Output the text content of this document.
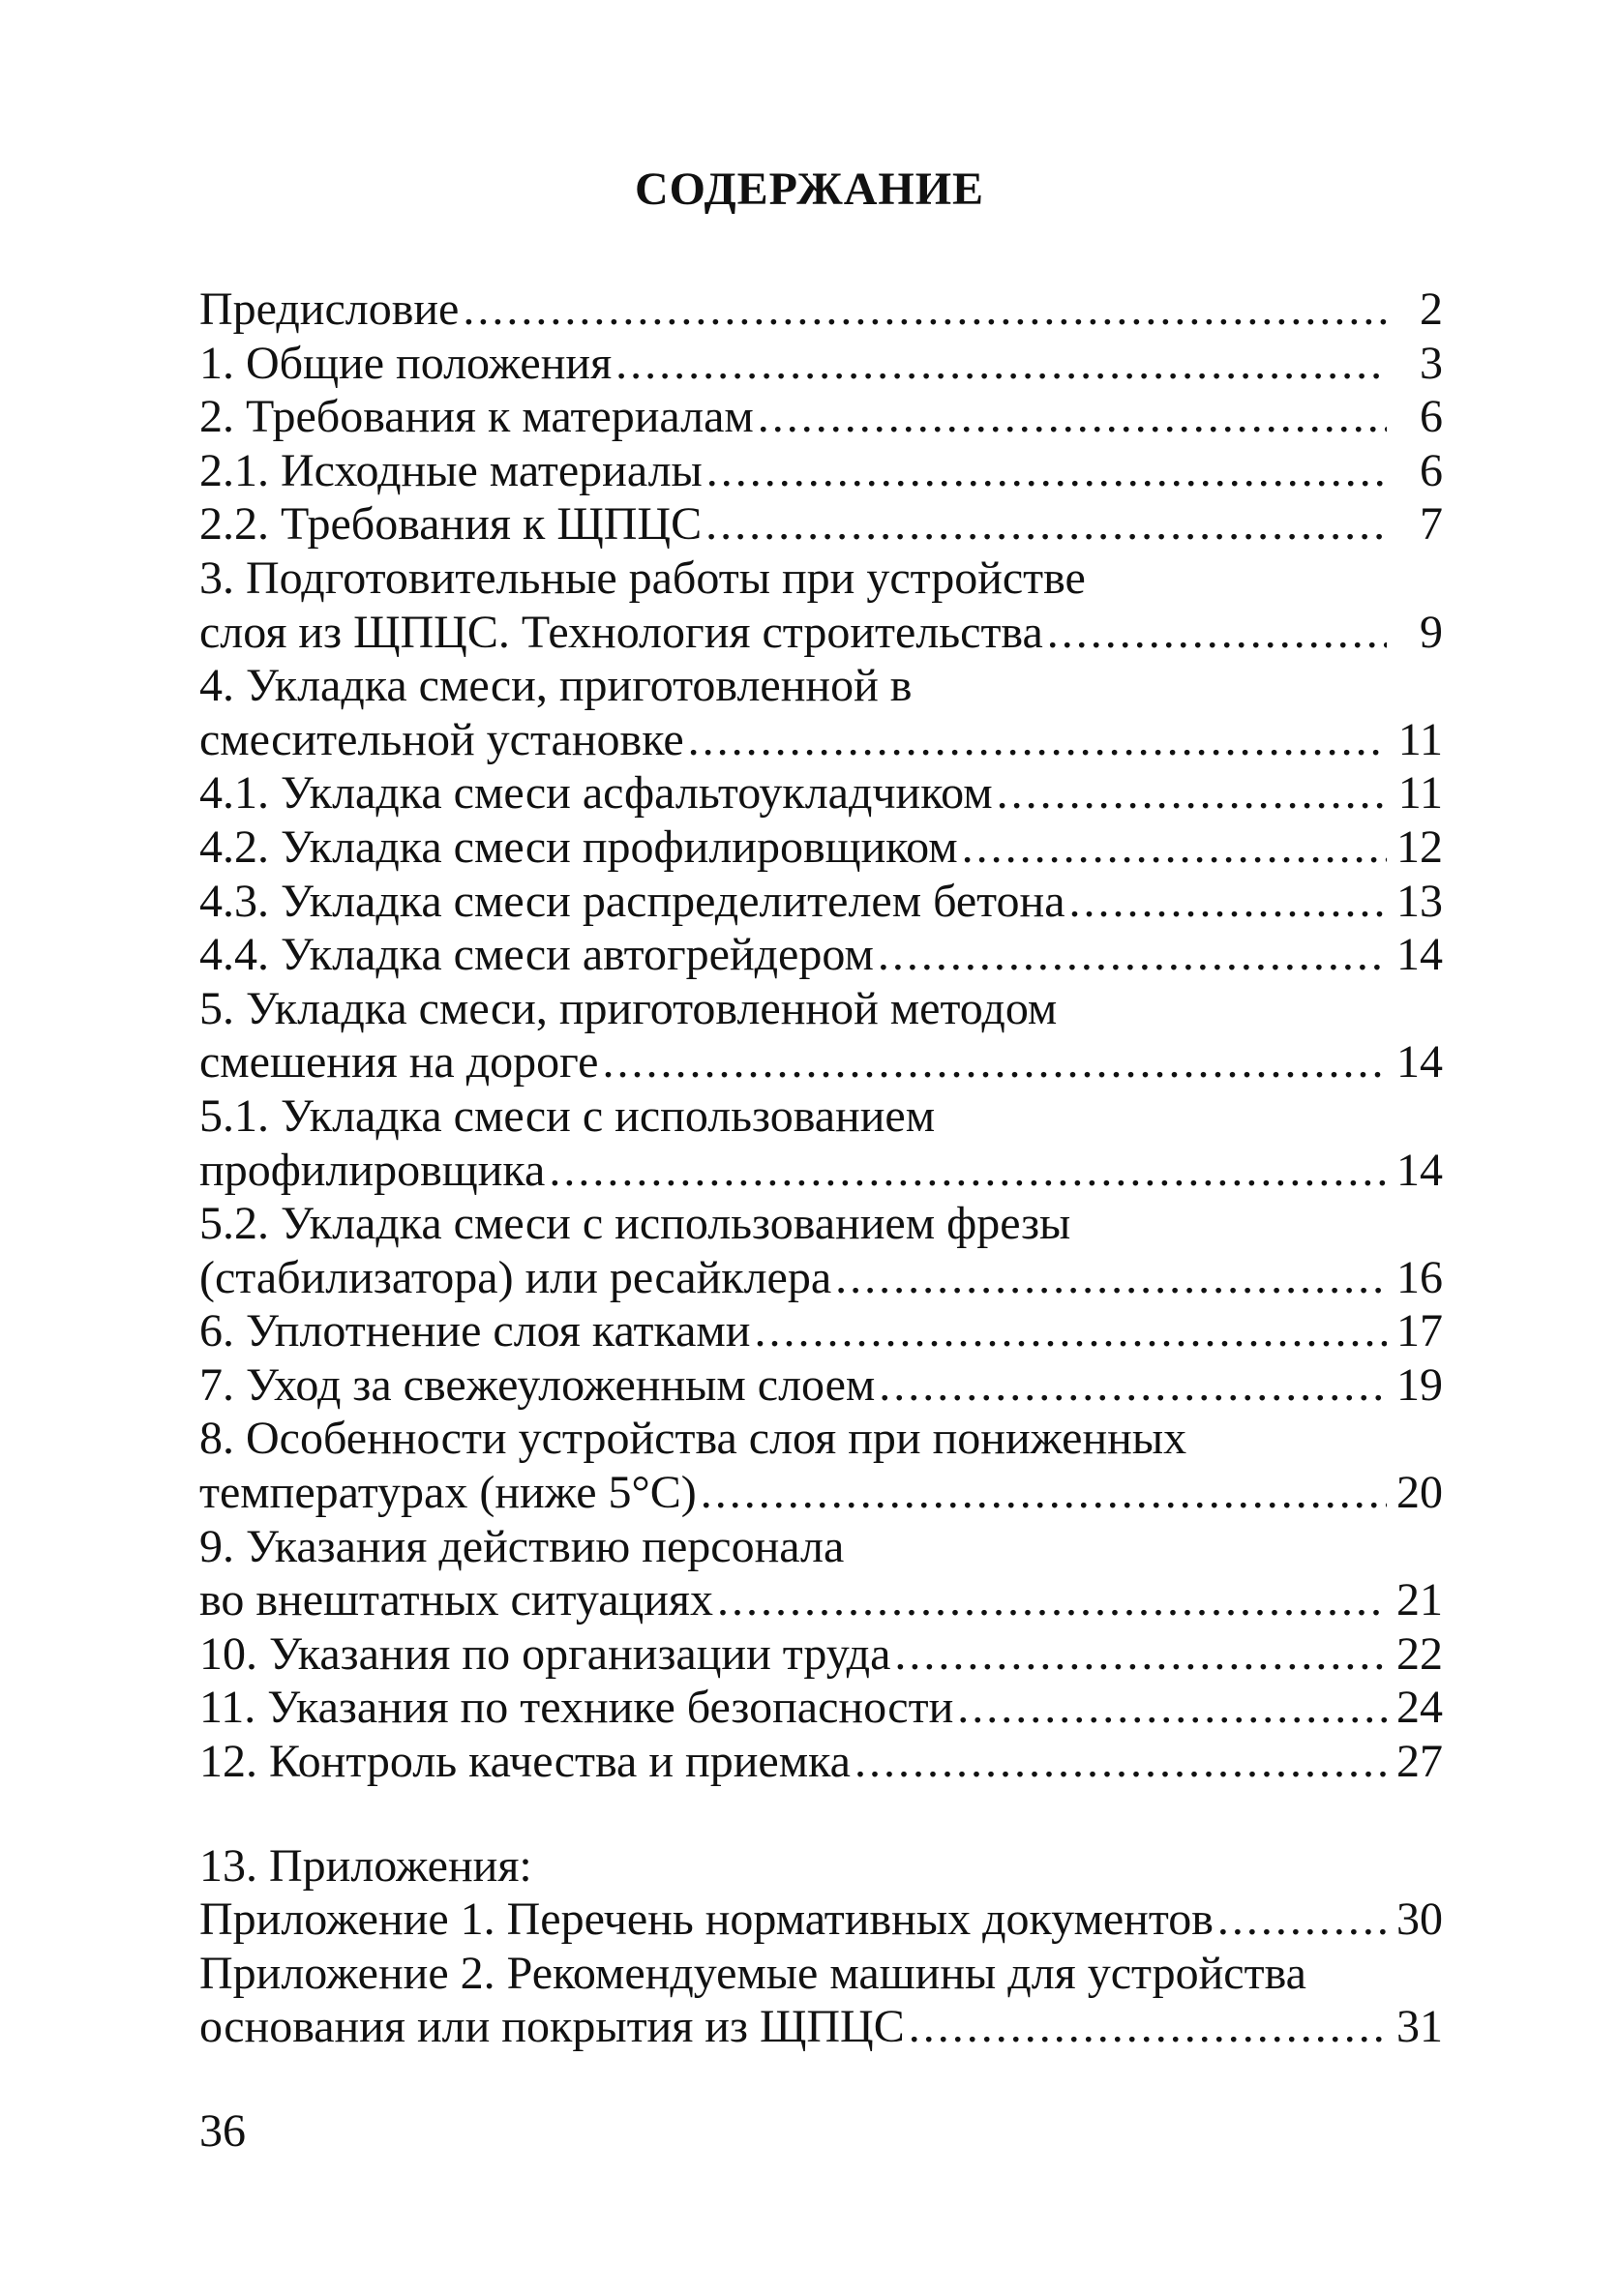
СОДЕРЖАНИЕ
Предисловие .....	2
1. Общие положения .....	3
2. Требования к материалам .....	6
2.1. Исходные материалы .....	6
2.2. Требования к ЩПЦС .....	7
3. Подготовительные работы при устройстве
слоя из ЩПЦС. Технология строительства .....	9
4. Укладка смеси, приготовленной в
смесительной установке .....	11
4.1. Укладка смеси асфальтоукладчиком .....	11
4.2. Укладка смеси профилировщиком .....	12
4.3. Укладка смеси распределителем бетона .....	13
4.4. Укладка смеси автогрейдером .....	14
5. Укладка смеси, приготовленной методом
смешения на дороге .....	14
5.1. Укладка смеси с использованием
профилировщика .....	14
5.2. Укладка смеси с использованием фрезы
(стабилизатора) или ресайклера .....	16
6. Уплотнение слоя катками .....	17
7. Уход за свежеуложенным слоем .....	19
8. Особенности устройства слоя при пониженных
температурах (ниже 5°С) .....	20
9. Указания действию персонала
во внештатных ситуациях .....	21
10. Указания по организации труда .....	22
11. Указания по технике безопасности .....	24
12. Контроль качества и приемка .....	27
13. Приложения:
Приложение 1. Перечень нормативных документов .....	30
Приложение 2. Рекомендуемые машины для устройства
основания или покрытия из ЩПЦС .....	31
36
